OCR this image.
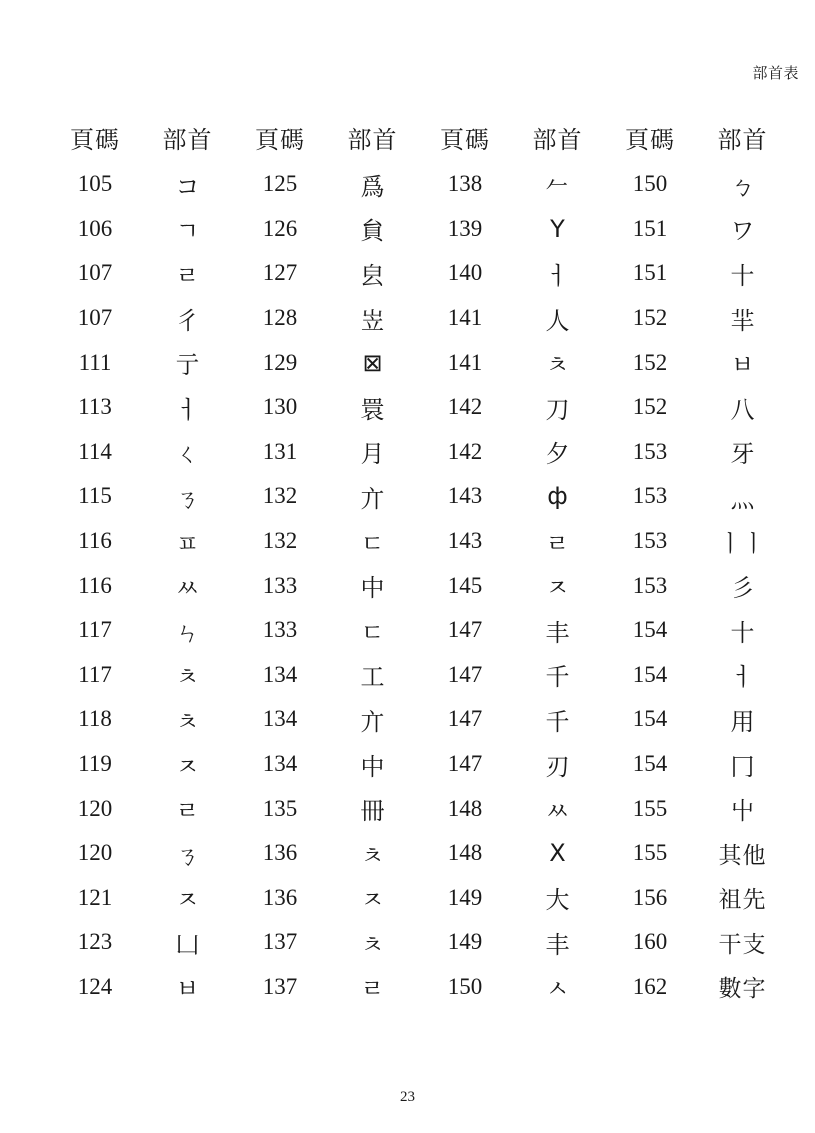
部首表
頁碼	部首	頁碼	部首	頁碼	部首	頁碼	部首
105	コ	125	爲	138	𠂉	150	ㄅ
106	ㄱ	126	貟	139	Y	151	ワ
107	ㄹ	127	㿝	140	ㅓ	151	十
107	彳	128	岦	141	人	152	羋
111	亍	129	⊠	141	ㅊ	152	ㅂ
113	ㅓ	130	睘	142	刀	152	八
114	ㄑ	131	月	142	夕	153	牙
115	ㄋ	132	亣	143	ф	153	灬
116	ㅍ	132	ㄷ	143	ㄹ	153	ㅣㅣ
116	ㅆ	133	中	145	ㅈ	153	彡
117	ㄣ	133	ㄷ	147	丰	154	十
117	ㅊ	134	工	147	千	154	ㅓ
118	ㅊ	134	亣	147	千	154	用
119	ㅈ	134	中	147	刃	154	冂
120	ㄹ	135	冊	148	ㅆ	155	屮
120	ㄋ	136	ㅊ	148	X	155	其他
121	ㅈ	136	ㅈ	149	大	156	祖先
123	凵	137	ㅊ	149	丰	160	干支
124	ㅂ	137	ㄹ	150	ㅅ	162	數字
23
